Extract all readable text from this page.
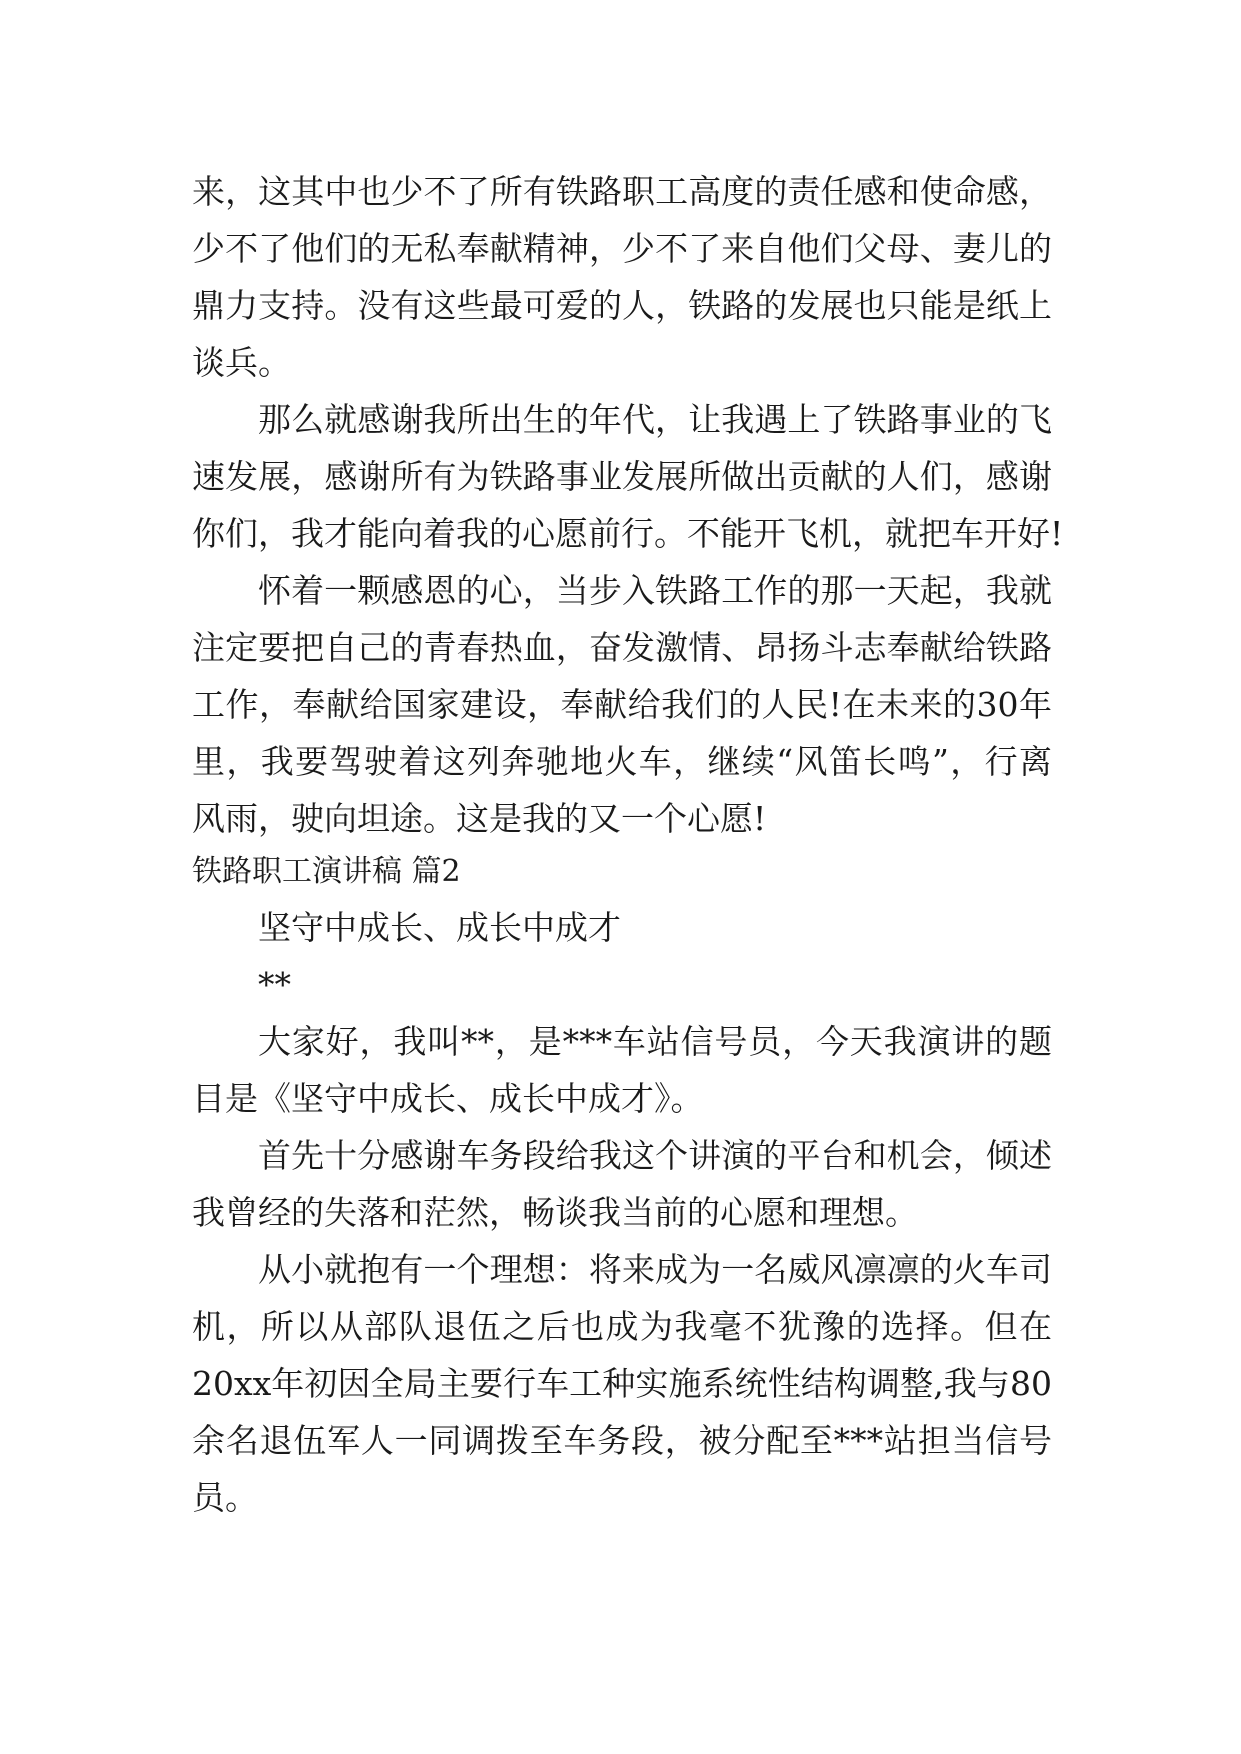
来，这其中也少不了所有铁路职工高度的责任感和使命感，
少不了他们的无私奉献精神，少不了来自他们父母、妻儿的
鼎力支持。没有这些最可爱的人，铁路的发展也只能是纸上
谈兵。
那么就感谢我所出生的年代，让我遇上了铁路事业的飞
速发展，感谢所有为铁路事业发展所做出贡献的人们，感谢
你们，我才能向着我的心愿前行。不能开飞机，就把车开好!
怀着一颗感恩的心，当步入铁路工作的那一天起，我就
注定要把自己的青春热血，奋发激情、昂扬斗志奉献给铁路
工作，奉献给国家建设，奉献给我们的人民!在未来的30年
里，我要驾驶着这列奔驰地火车，继续“风笛长鸣”，行离
风雨，驶向坦途。这是我的又一个心愿!
铁路职工演讲稿 篇2
坚守中成长、成长中成才
**
大家好，我叫**，是***车站信号员，今天我演讲的题
目是《坚守中成长、成长中成才》。
首先十分感谢车务段给我这个讲演的平台和机会，倾述
我曾经的失落和茫然，畅谈我当前的心愿和理想。
从小就抱有一个理想：将来成为一名威风凛凛的火车司
机，所以从部队退伍之后也成为我毫不犹豫的选择。但在
20xx年初因全局主要行车工种实施系统性结构调整,我与80
余名退伍军人一同调拨至车务段，被分配至***站担当信号
员。
